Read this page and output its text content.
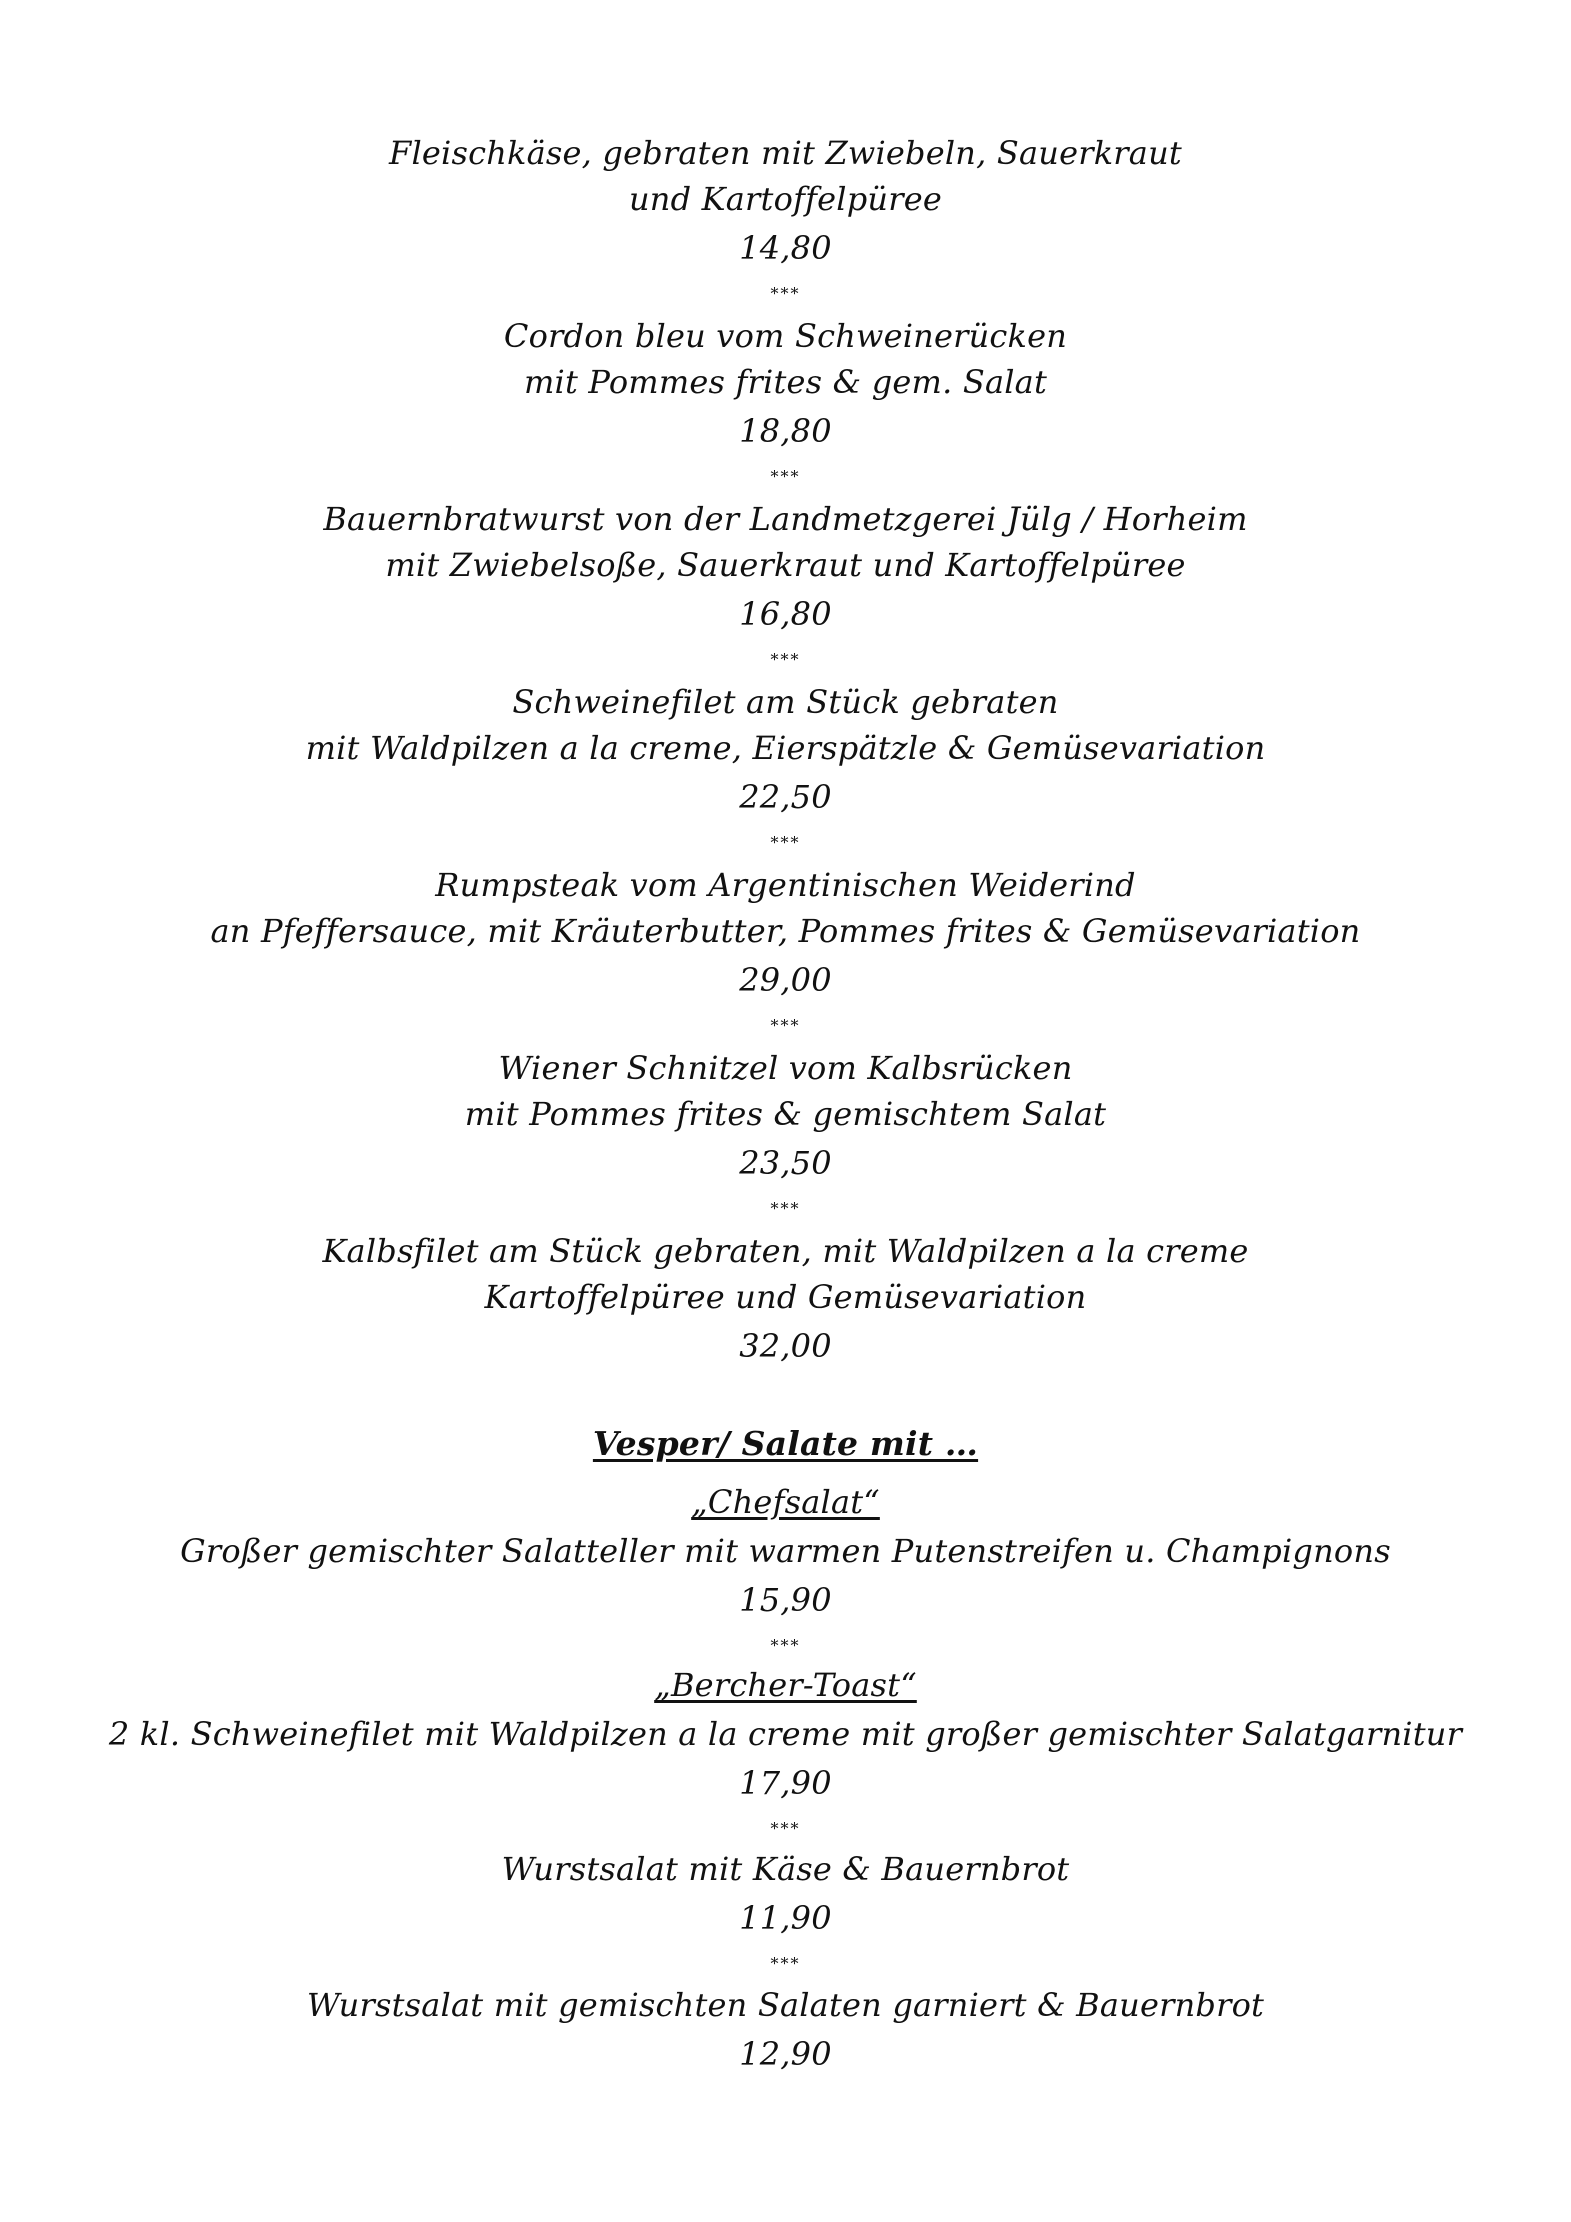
Fleischkäse, gebraten mit Zwiebeln, Sauerkraut
und Kartoffelpüree
14,80
***
Cordon bleu vom Schweinerücken
mit Pommes frites & gem. Salat
18,80
***
Bauernbratwurst von der Landmetzgerei Jülg / Horheim
mit Zwiebelsoße, Sauerkraut und Kartoffelpüree
16,80
***
Schweinefilet am Stück gebraten
mit Waldpilzen a la creme, Eierspätzle & Gemüsevariation
22,50
***
Rumpsteak vom Argentinischen Weiderind
an Pfeffersauce, mit Kräuterbutter, Pommes frites & Gemüsevariation
29,00
***
Wiener Schnitzel vom Kalbsrücken
mit Pommes frites & gemischtem Salat
23,50
***
Kalbsfilet am Stück gebraten, mit Waldpilzen a la creme
Kartoffelpüree und Gemüsevariation
32,00
Vesper/ Salate mit …
„Chefsalat“
Großer gemischter Salatteller mit warmen Putenstreifen u. Champignons
15,90
***
„Bercher-Toast“
2 kl. Schweinefilet mit Waldpilzen a la creme mit großer gemischter Salatgarnitur
17,90
***
Wurstsalat mit Käse & Bauernbrot
11,90
***
Wurstsalat mit gemischten Salaten garniert & Bauernbrot
12,90
